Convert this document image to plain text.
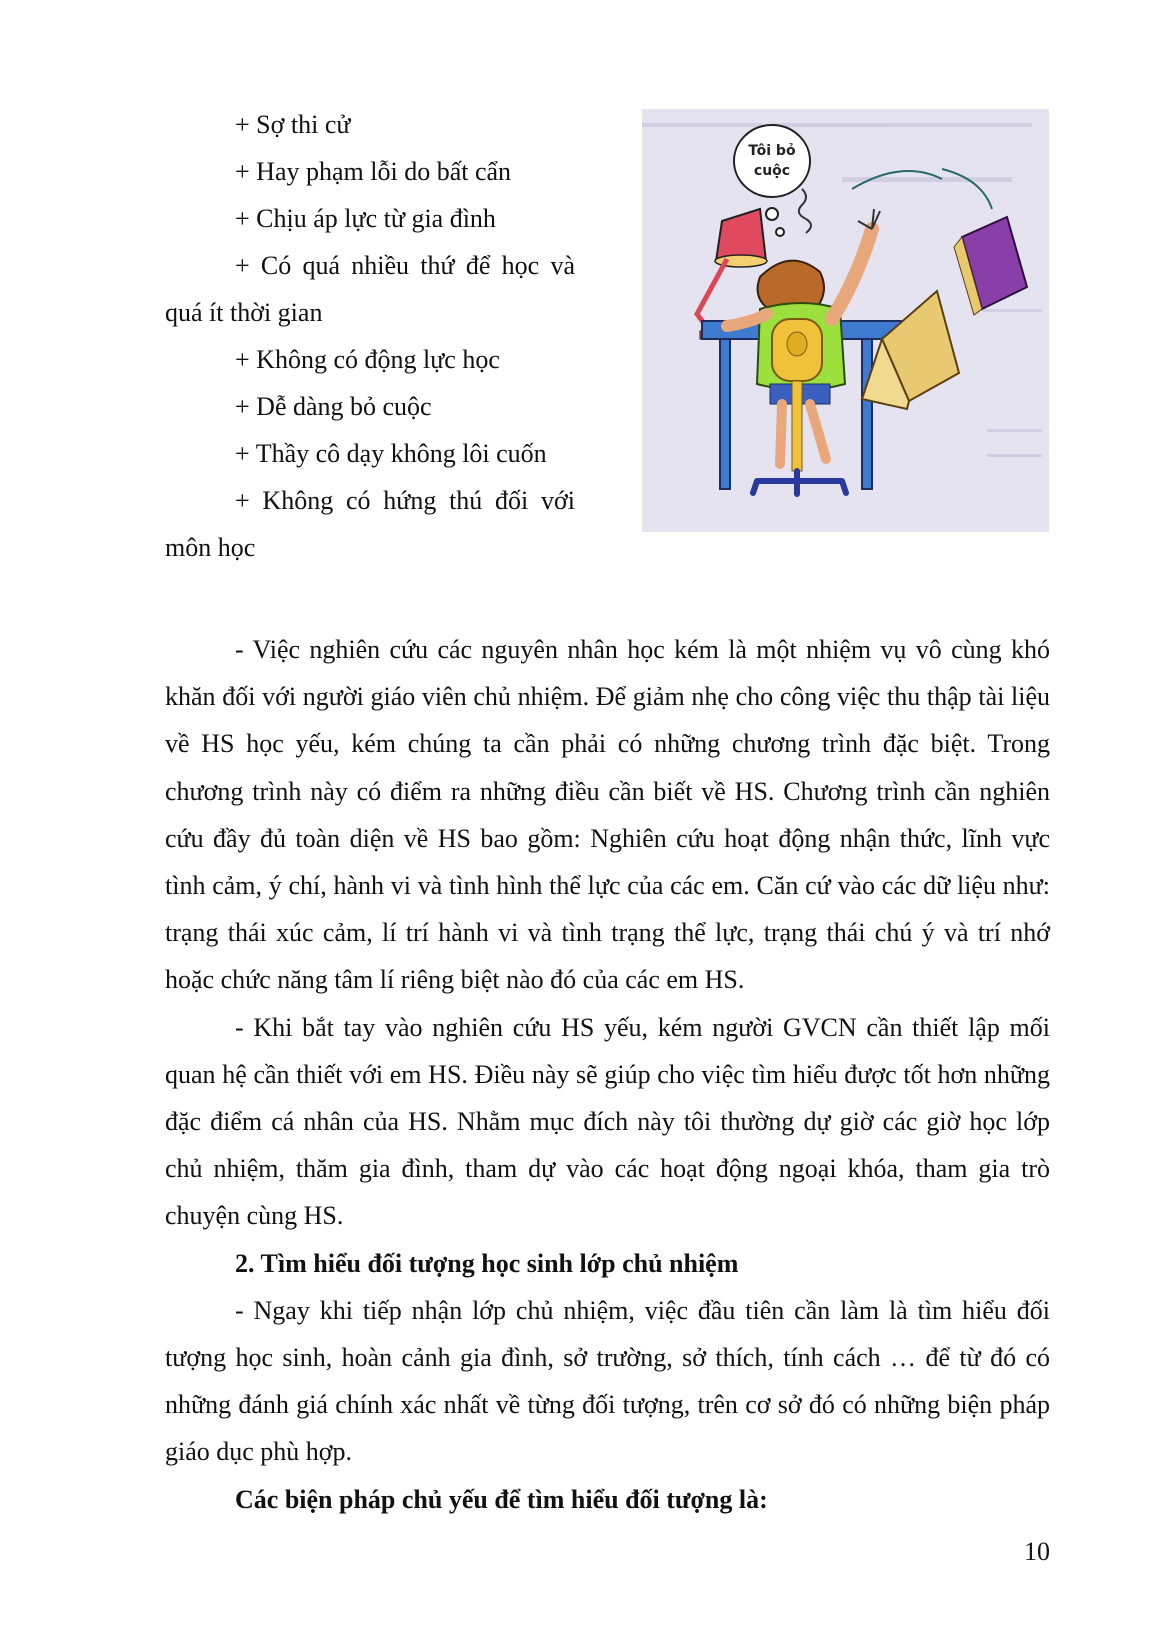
+ Sợ thi cử

+ Hay phạm lỗi do bất cẩn

+ Chịu áp lực từ gia đình

+ Có quá nhiều thứ để học và quá ít thời gian

+ Không có động lực học

+ Dễ dàng bỏ cuộc

+ Thầy cô dạy không lôi cuốn

+ Không có hứng thú đối với môn học

Tôi bỏ
cuộc

- Việc nghiên cứu các nguyên nhân học kém là một nhiệm vụ vô cùng khó khăn đối với người giáo viên chủ nhiệm. Để giảm nhẹ cho công việc thu thập tài liệu về HS học yếu, kém chúng ta cần phải có những chương trình đặc biệt. Trong chương trình này có điểm ra những điều cần biết về HS. Chương trình cần nghiên cứu đầy đủ toàn diện về HS bao gồm: Nghiên cứu hoạt động nhận thức, lĩnh vực tình cảm, ý chí, hành vi và tình hình thể lực của các em. Căn cứ vào các dữ liệu như: trạng thái xúc cảm, lí trí hành vi và tình trạng thể lực, trạng thái chú ý và trí nhớ hoặc chức năng tâm lí riêng biệt nào đó của các em HS.

- Khi bắt tay vào nghiên cứu HS yếu, kém người GVCN cần thiết lập mối quan hệ cần thiết với em HS. Điều này sẽ giúp cho việc tìm hiểu được tốt hơn những đặc điểm cá nhân của HS. Nhằm mục đích này tôi thường dự giờ các giờ học lớp chủ nhiệm, thăm gia đình, tham dự vào các hoạt động ngoại khóa, tham gia trò chuyện cùng HS.

2. Tìm hiểu đối tượng học sinh lớp chủ nhiệm

- Ngay khi tiếp nhận lớp chủ nhiệm, việc đầu tiên cần làm là tìm hiểu đối tượng học sinh, hoàn cảnh gia đình, sở trường, sở thích, tính cách … để từ đó có những đánh giá chính xác nhất về từng đối tượng, trên cơ sở đó có những biện pháp giáo dục phù hợp.

Các biện pháp chủ yếu để tìm hiểu đối tượng là:

10
